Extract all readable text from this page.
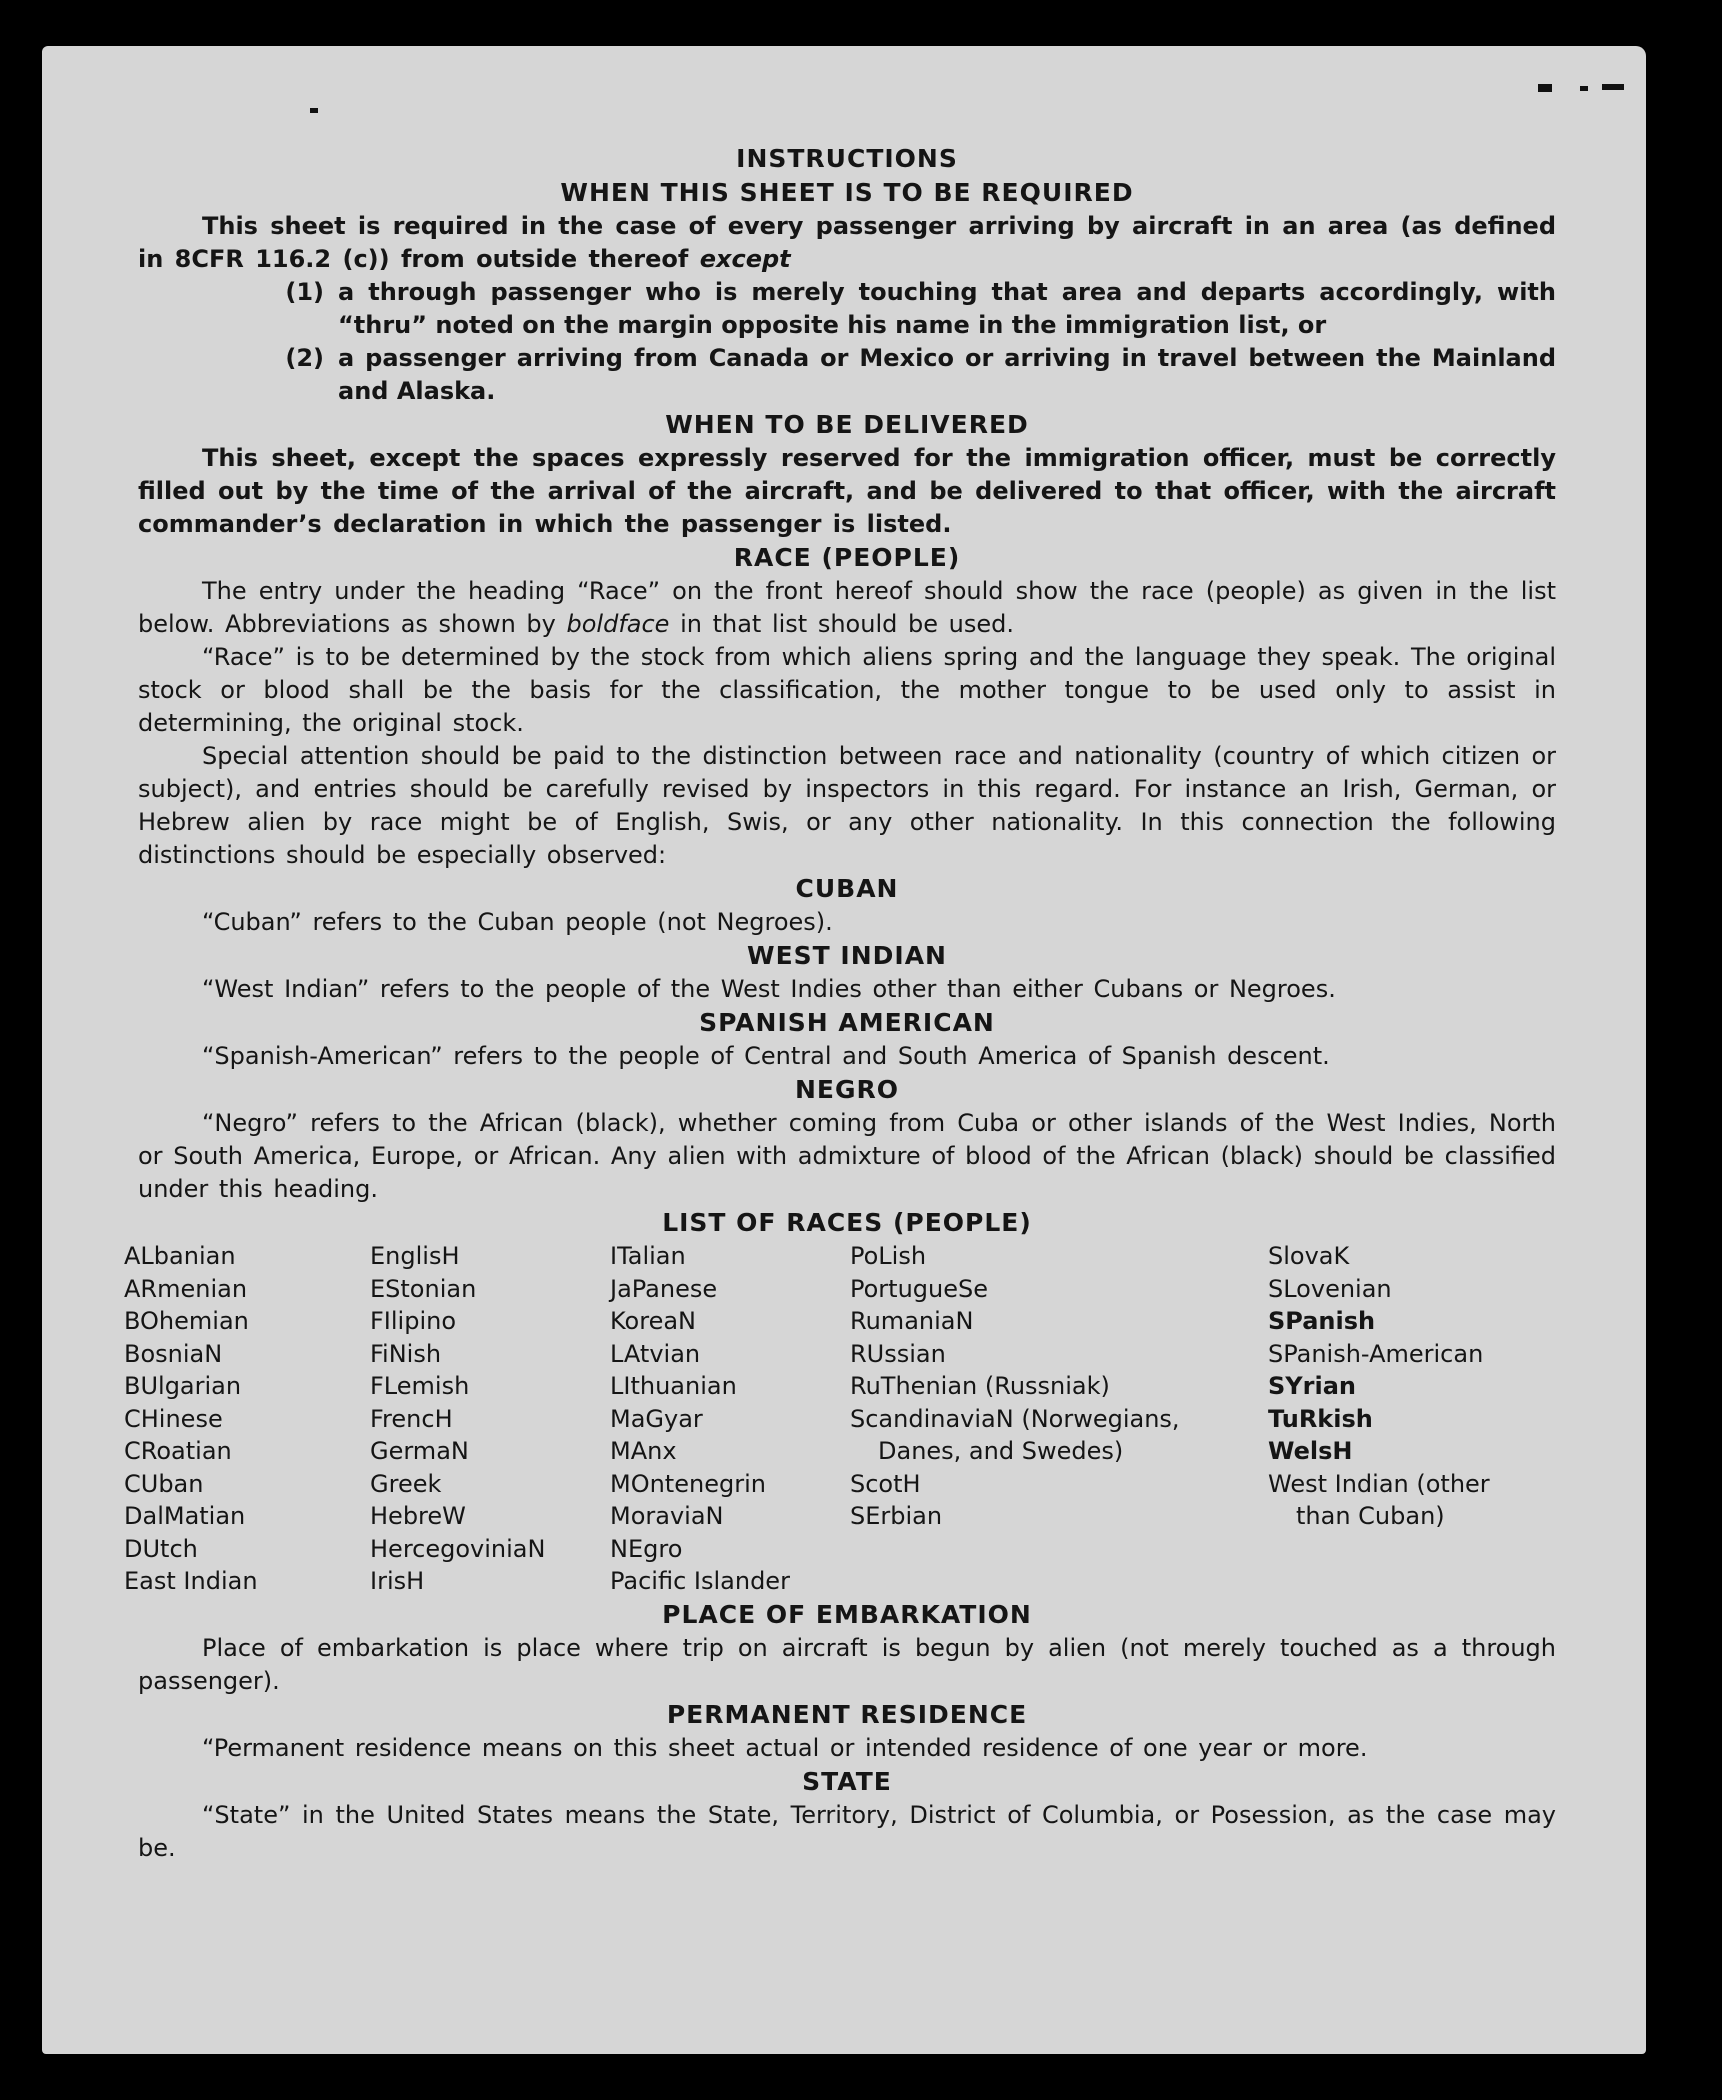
INSTRUCTIONS
WHEN THIS SHEET IS TO BE REQUIRED

This sheet is required in the case of every passenger arriving by aircraft in an area (as defined in 8CFR 116.2 (c)) from outside thereof except

(1) a through passenger who is merely touching that area and departs accordingly, with “thru” noted on the margin opposite his name in the immigration list, or
(2) a passenger arriving from Canada or Mexico or arriving in travel between the Mainland and Alaska.
WHEN TO BE DELIVERED

This sheet, except the spaces expressly reserved for the immigration officer, must be correctly filled out by the time of the arrival of the aircraft, and be delivered to that officer, with the aircraft commander’s declaration in which the passenger is listed.

RACE (PEOPLE)

The entry under the heading “Race” on the front hereof should show the race (people) as given in the list below. Abbreviations as shown by boldface in that list should be used.

“Race” is to be determined by the stock from which aliens spring and the language they speak. The original stock or blood shall be the basis for the classification, the mother tongue to be used only to assist in determining, the original stock.

Special attention should be paid to the distinction between race and nationality (country of which citizen or subject), and entries should be carefully revised by inspectors in this regard. For instance an Irish, German, or Hebrew alien by race might be of English, Swis, or any other nationality. In this connection the following distinctions should be especially observed:

CUBAN

“Cuban” refers to the Cuban people (not Negroes).

WEST INDIAN

“West Indian” refers to the people of the West Indies other than either Cubans or Negroes.

SPANISH AMERICAN

“Spanish-American” refers to the people of Central and South America of Spanish descent.

NEGRO

“Negro” refers to the African (black), whether coming from Cuba or other islands of the West Indies, North or South America, Europe, or African. Any alien with admixture of blood of the African (black) should be classified under this heading.

LIST OF RACES (PEOPLE)
ALbanian
ARmenian
BOhemian
BosniaN
BUlgarian
CHinese
CRoatian
CUban
DalMatian
DUtch
East Indian
EnglisH
EStonian
FIlipino
FiNish
FLemish
FrencH
GermaN
Greek
HebreW
HercegoviniaN
IrisH
ITalian
JaPanese
KoreaN
LAtvian
LIthuanian
MaGyar
MAnx
MOntenegrin
MoraviaN
NEgro
Pacific Islander
PoLish
PortugueSe
RumaniaN
RUssian
RuThenian (Russniak)
ScandinaviaN (Norwegians,
Danes, and Swedes)
ScotH
SErbian
SlovaK
SLovenian
SPanish
SPanish-American
SYrian
TuRkish
WelsH
West Indian (other
than Cuban)
PLACE OF EMBARKATION

Place of embarkation is place where trip on aircraft is begun by alien (not merely touched as a through passenger).

PERMANENT RESIDENCE

“Permanent residence means on this sheet actual or intended residence of one year or more.

STATE

“State” in the United States means the State, Territory, District of Columbia, or Posession, as the case may be.
